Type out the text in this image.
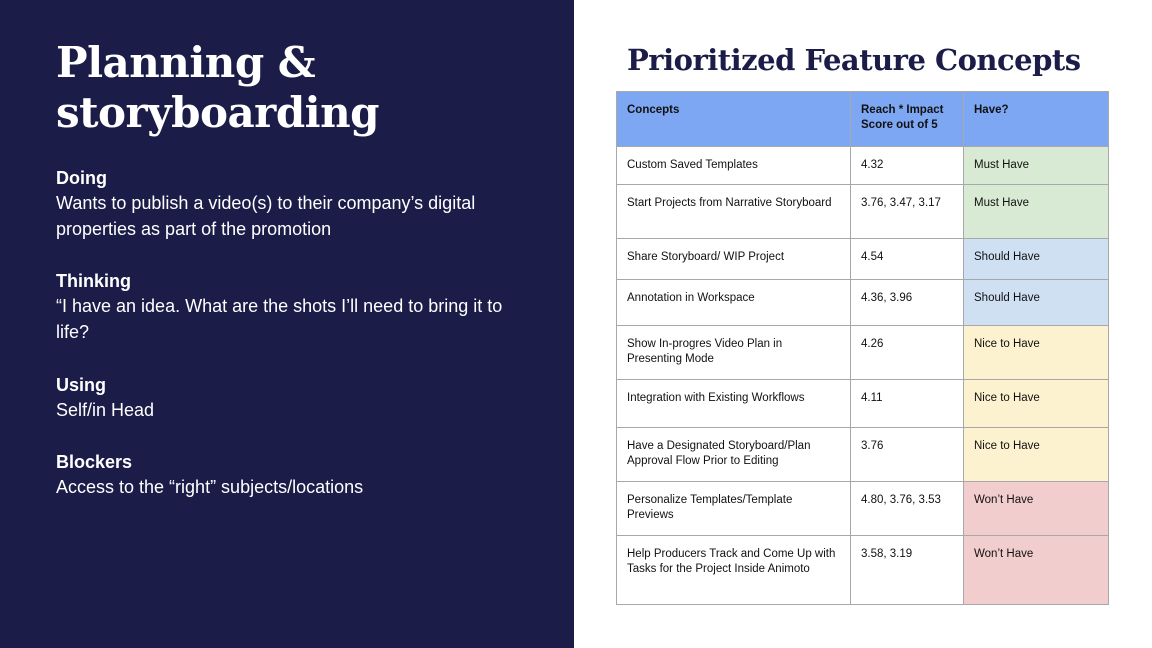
Planning &
storyboarding
Doing
Wants to publish a video(s) to their company’s digital properties as part of the promotion
Thinking
“I have an idea. What are the shots I’ll need to bring it to life?
Using
Self/in Head
Blockers
Access to the “right” subjects/locations
Prioritized Feature Concepts
Concepts	Reach * Impact Score out of 5	Have?
Custom Saved Templates	4.32	Must Have
Start Projects from Narrative Storyboard	3.76, 3.47, 3.17	Must Have
Share Storyboard/ WIP Project	4.54	Should Have
Annotation in Workspace	4.36, 3.96	Should Have
Show In-progres Video Plan in Presenting Mode	4.26	Nice to Have
Integration with Existing Workflows	4.11	Nice to Have
Have a Designated Storyboard/Plan Approval Flow Prior to Editing	3.76	Nice to Have
Personalize Templates/Template Previews	4.80, 3.76, 3.53	Won’t Have
Help Producers Track and Come Up with Tasks for the Project Inside Animoto	3.58, 3.19	Won’t Have
